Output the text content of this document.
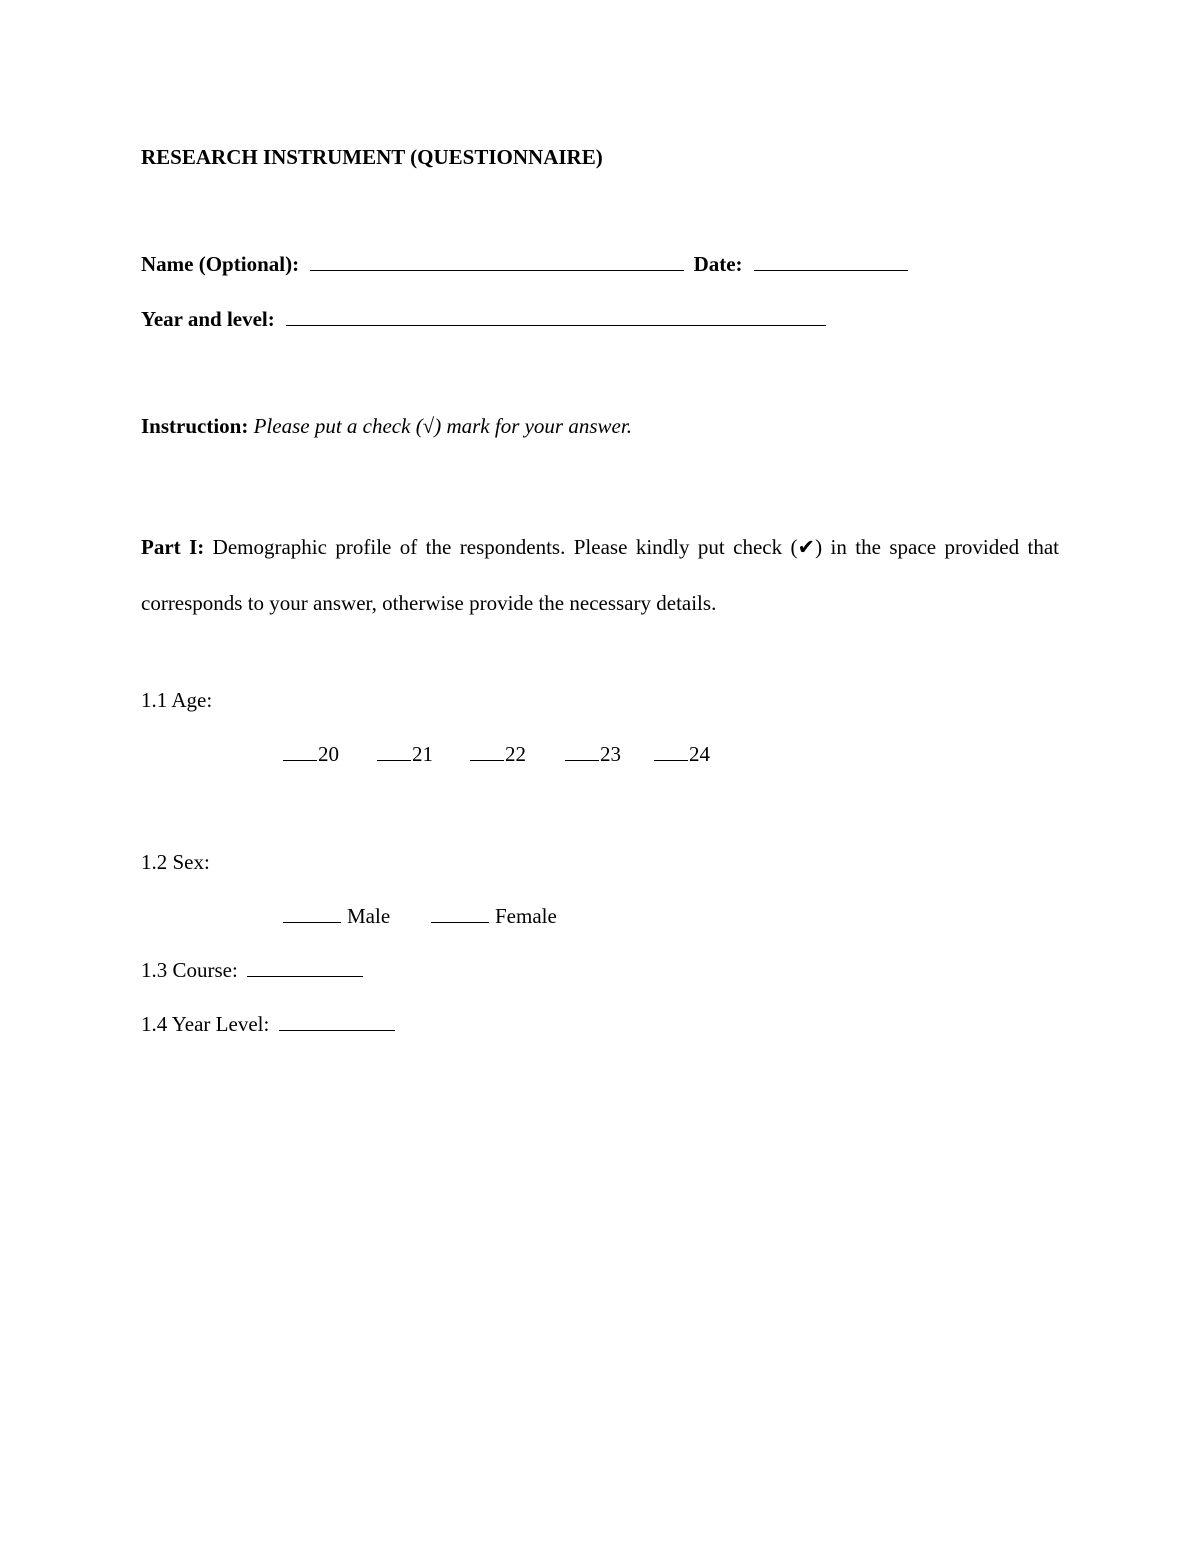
RESEARCH INSTRUMENT (QUESTIONNAIRE)
Name (Optional):	Date:
Year and level:
Instruction: Please put a check (√) mark for your answer.
Part I: Demographic profile of the respondents. Please kindly put check (✔) in the space provided that corresponds to your answer, otherwise provide the necessary details.
1.1 Age:
20	21	22	23	24
1.2 Sex:
Male	Female
1.3 Course:
1.4 Year Level:
